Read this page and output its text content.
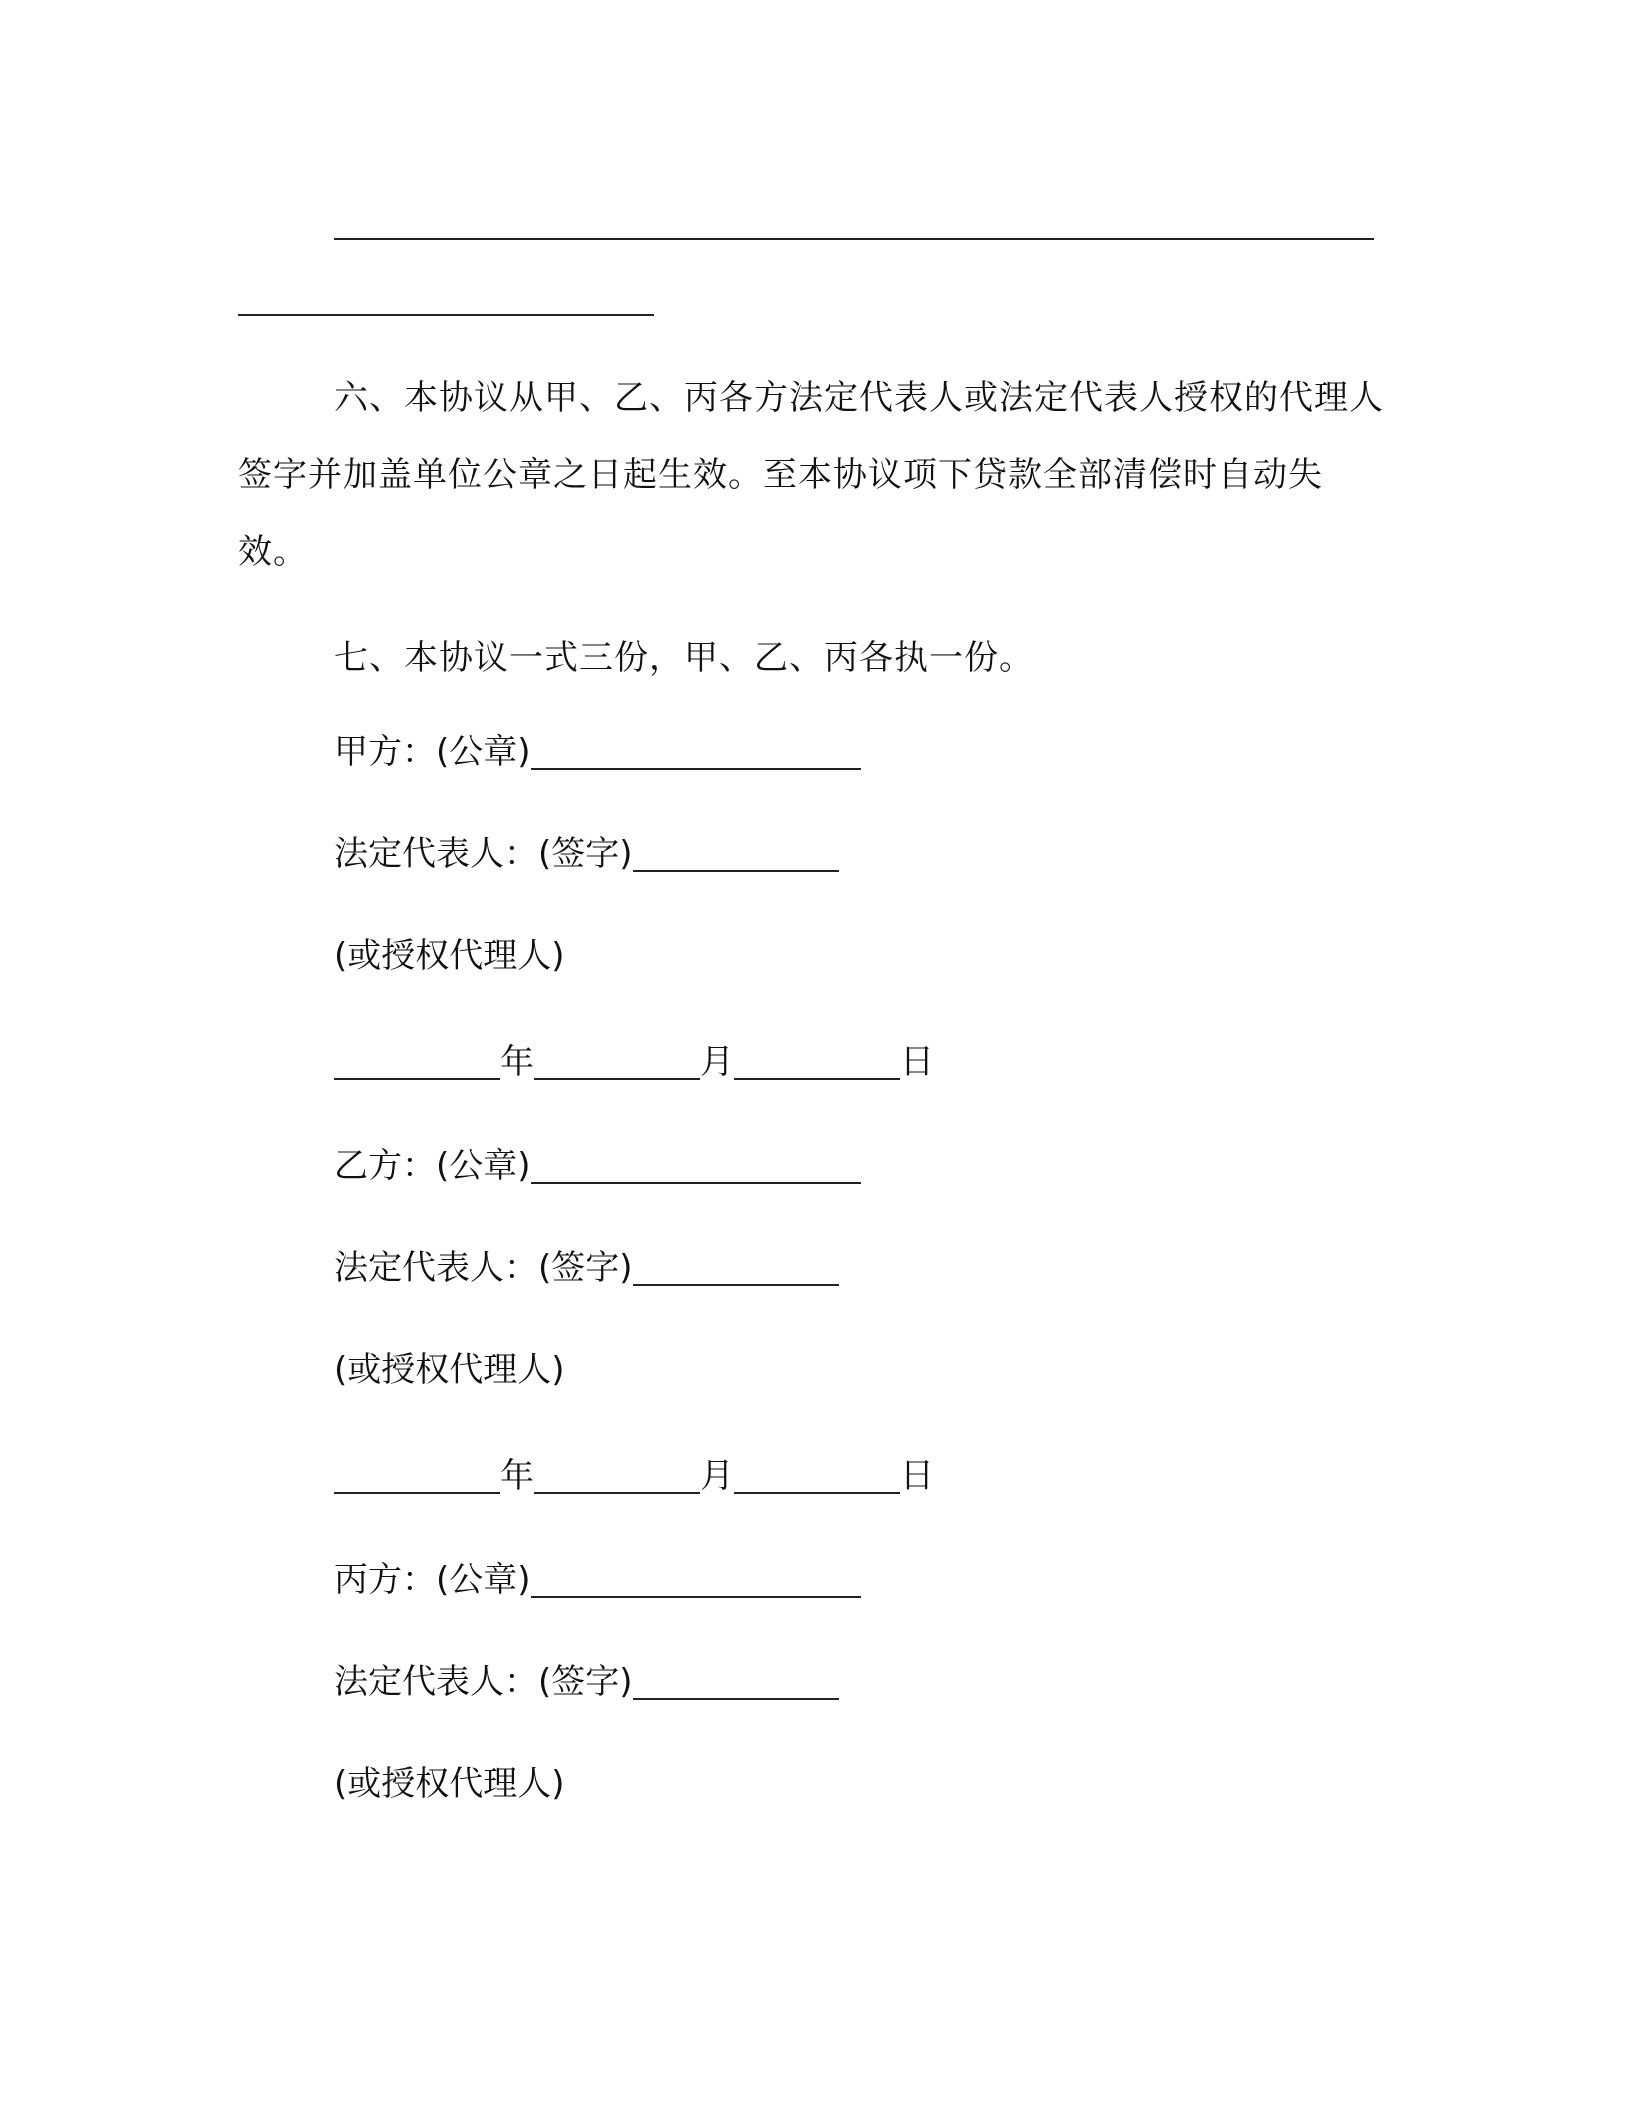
六、本协议从甲、乙、丙各方法定代表人或法定代表人授权的代理人签字并加盖单位公章之日起生效。至本协议项下贷款全部清偿时自动失效。

七、本协议一式三份，甲、乙、丙各执一份。

甲方：(公章)
法定代表人：(签字)
(或授权代理人)
年	月	日
乙方：(公章)
法定代表人：(签字)
(或授权代理人)
年	月	日
丙方：(公章)
法定代表人：(签字)
(或授权代理人)
